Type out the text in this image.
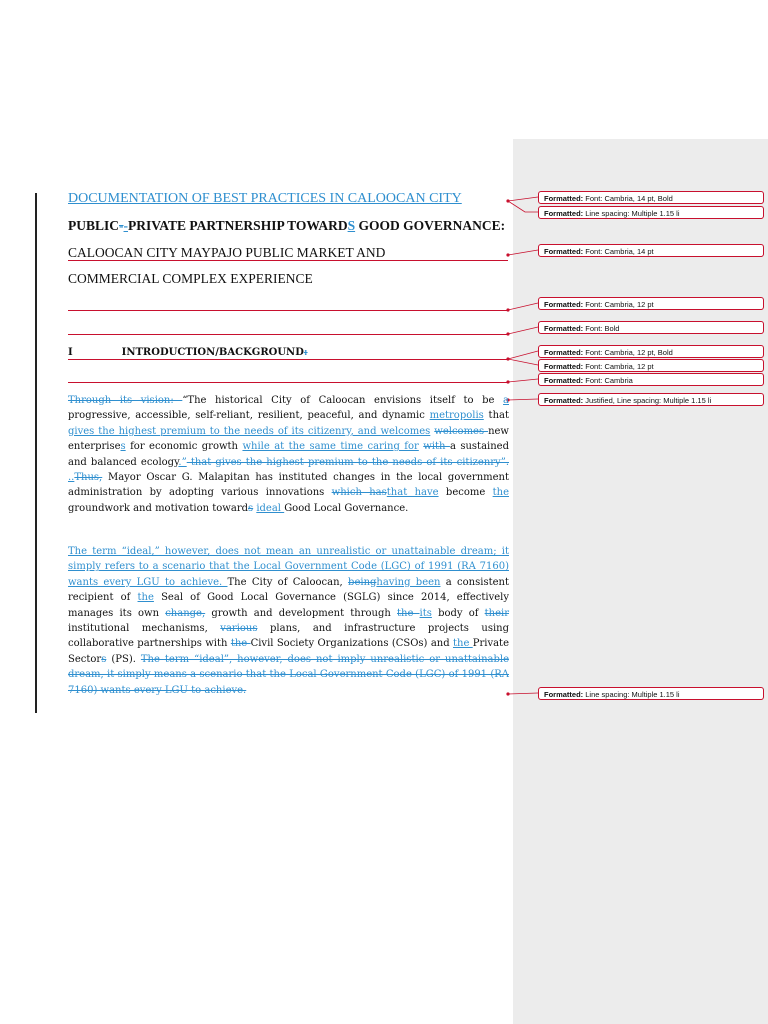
DOCUMENTATION OF BEST PRACTICES IN CALOOCAN CITY
PUBLIC--PRIVATE PARTNERSHIP TOWARDS GOOD GOVERNANCE:
CALOOCAN CITY MAYPAJO PUBLIC MARKET AND
COMMERCIAL COMPLEX EXPERIENCE
I	INTRODUCTION/BACKGROUND:

Through its vision: “The historical City of Caloocan envisions itself to be a progressive, accessible, self-reliant, resilient, peaceful, and dynamic metropolis that gives the highest premium to the needs of its citizenry, and welcomes welcomes new enterprises for economic growth while at the same time caring for with a sustained and balanced ecology.” that gives the highest premium to the needs of its citizenry”. ..Thus, Mayor Oscar G. Malapitan has instituted changes in the local government administration by adopting various innovations which hasthat have become the groundwork and motivation towards ideal Good Local Governance.

The term “ideal,” however, does not mean an unrealistic or unattainable dream; it simply refers to a scenario that the Local Government Code (LGC) of 1991 (RA 7160) wants every LGU to achieve. The City of Caloocan, beinghaving been a consistent recipient of the Seal of Good Local Governance (SGLG) since 2014, effectively manages its own change, growth and development through the its body of their institutional mechanisms, various plans, and infrastructure projects using collaborative partnerships with the Civil Society Organizations (CSOs) and the Private Sectors (PS). The term “ideal”, however, does not imply unrealistic or unattainable dream, it simply means a scenario that the Local Government Code (LGC) of 1991 (RA 7160) wants every LGU to achieve.

Formatted: Font: Cambria, 14 pt, Bold
Formatted: Line spacing: Multiple 1.15 li
Formatted: Font: Cambria, 14 pt
Formatted: Font: Cambria, 12 pt
Formatted: Font: Bold
Formatted: Font: Cambria, 12 pt, Bold
Formatted: Font: Cambria, 12 pt
Formatted: Font: Cambria
Formatted: Justified, Line spacing: Multiple 1.15 li
Formatted: Line spacing: Multiple 1.15 li
